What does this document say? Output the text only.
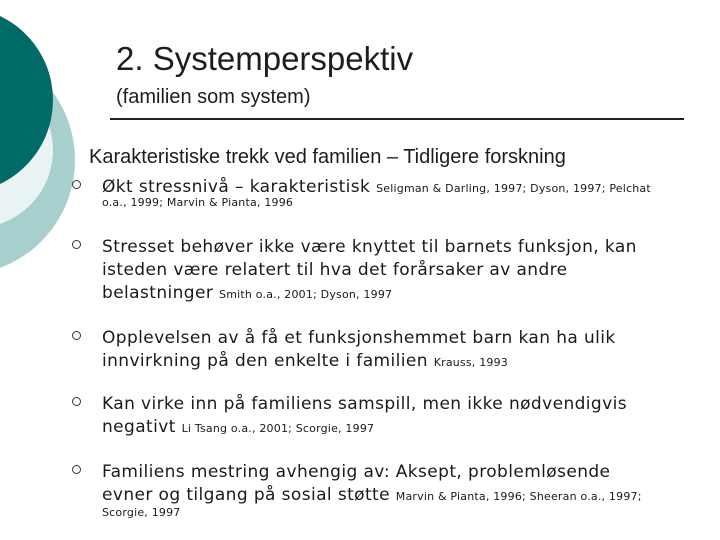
2. Systemperspektiv
(familien som system)
Karakteristiske trekk ved familien – Tidligere forskning
Økt stressnivå – karakteristisk Seligman & Darling, 1997; Dyson, 1997; Pelchat
o.a., 1999; Marvin & Pianta, 1996
Stresset behøver ikke være knyttet til barnets funksjon, kan
isteden være relatert til hva det forårsaker av andre
belastninger Smith o.a., 2001; Dyson, 1997
Opplevelsen av å få et funksjonshemmet barn kan ha ulik
innvirkning på den enkelte i familien Krauss, 1993
Kan virke inn på familiens samspill, men ikke nødvendigvis
negativt Li Tsang o.a., 2001; Scorgie, 1997
Familiens mestring avhengig av: Aksept, problemløsende
evner og tilgang på sosial støtte Marvin & Pianta, 1996; Sheeran o.a., 1997;
Scorgie, 1997
